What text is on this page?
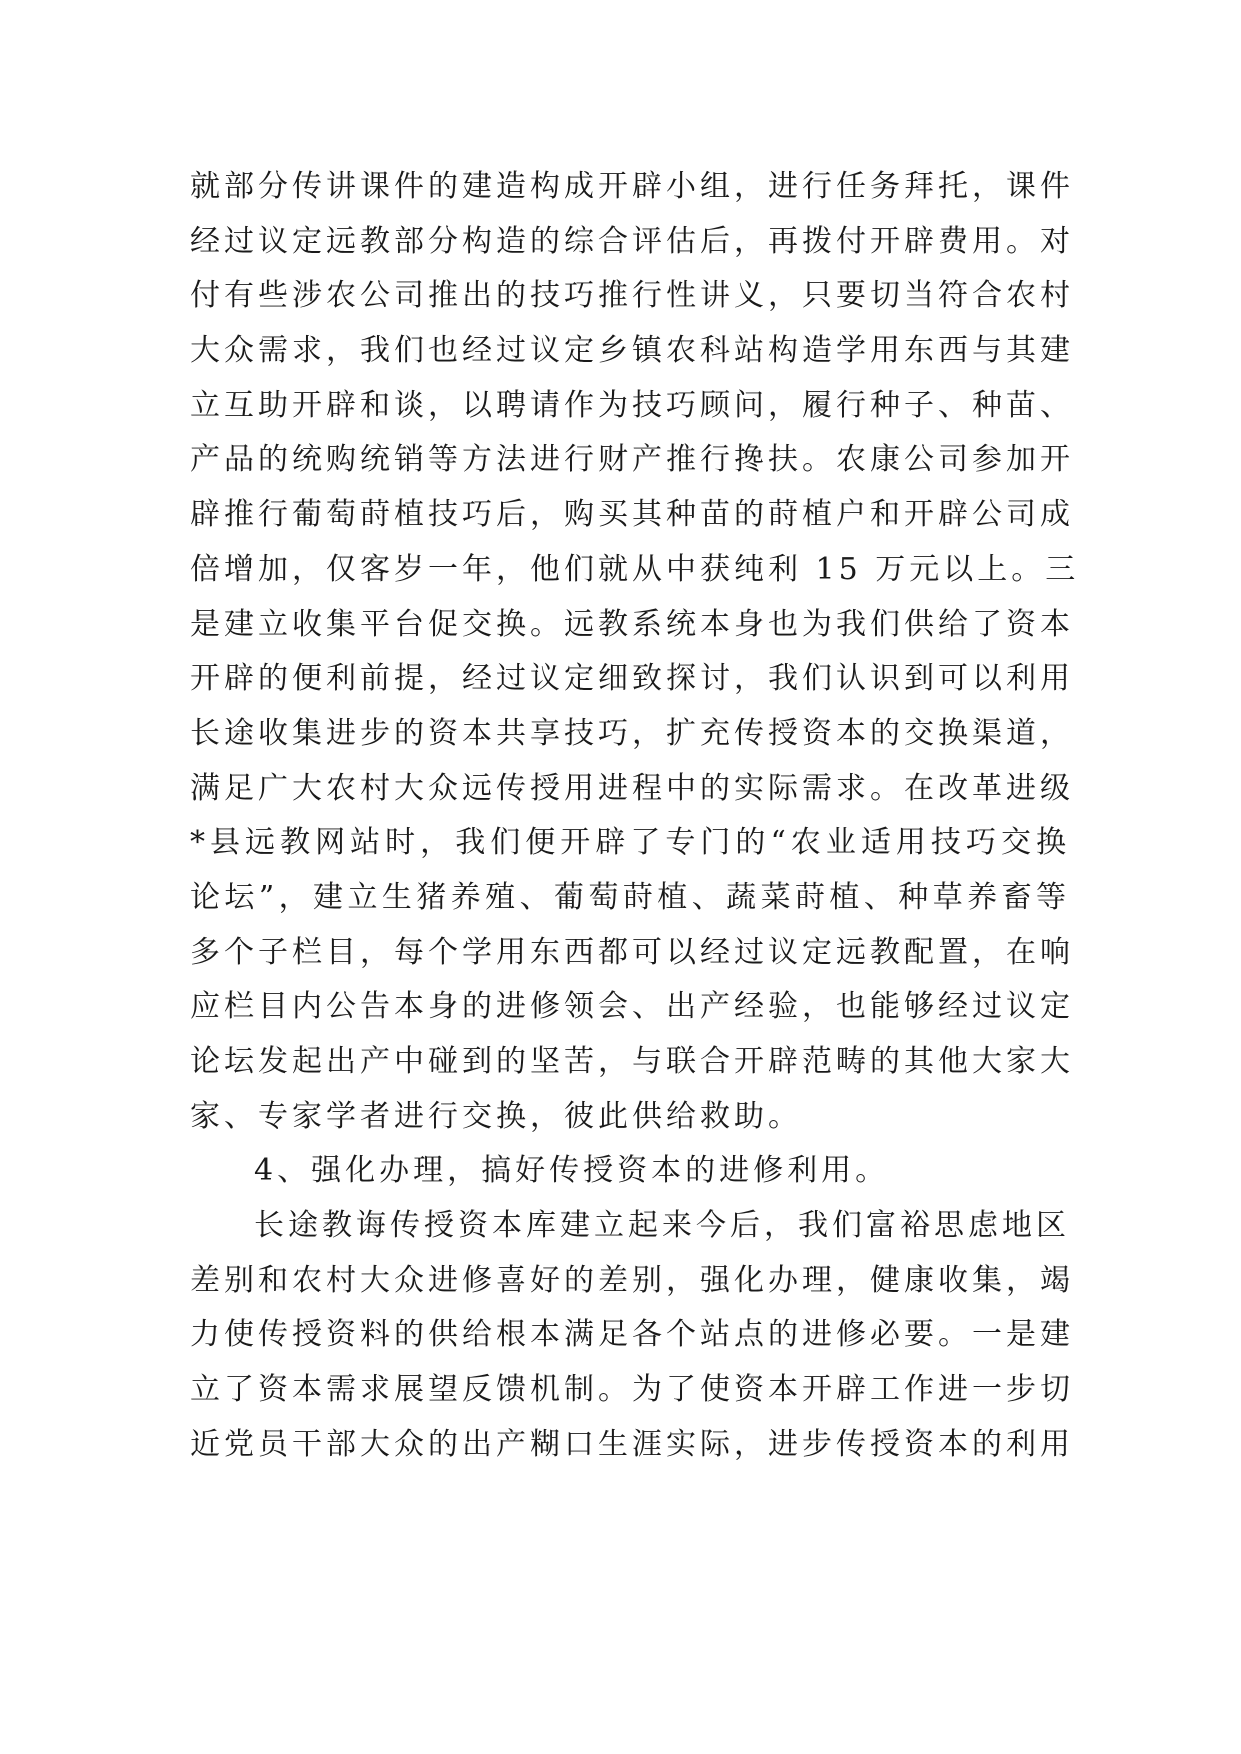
就部分传讲课件的建造构成开辟小组，进行任务拜托，课件
经过议定远教部分构造的综合评估后，再拨付开辟费用。对
付有些涉农公司推出的技巧推行性讲义，只要切当符合农村
大众需求，我们也经过议定乡镇农科站构造学用东西与其建
立互助开辟和谈，以聘请作为技巧顾问，履行种子、种苗、
产品的统购统销等方法进行财产推行搀扶。农康公司参加开
辟推行葡萄莳植技巧后，购买其种苗的莳植户和开辟公司成
倍增加，仅客岁一年，他们就从中获纯利 15 万元以上。三
是建立收集平台促交换。远教系统本身也为我们供给了资本
开辟的便利前提，经过议定细致探讨，我们认识到可以利用
长途收集进步的资本共享技巧，扩充传授资本的交换渠道，
满足广大农村大众远传授用进程中的实际需求。在改革进级
*县远教网站时，我们便开辟了专门的“农业适用技巧交换
论坛”，建立生猪养殖、葡萄莳植、蔬菜莳植、种草养畜等
多个子栏目，每个学用东西都可以经过议定远教配置，在响
应栏目内公告本身的进修领会、出产经验，也能够经过议定
论坛发起出产中碰到的坚苦，与联合开辟范畴的其他大家大
家、专家学者进行交换，彼此供给救助。
4、强化办理，搞好传授资本的进修利用。
长途教诲传授资本库建立起来今后，我们富裕思虑地区
差别和农村大众进修喜好的差别，强化办理，健康收集，竭
力使传授资料的供给根本满足各个站点的进修必要。一是建
立了资本需求展望反馈机制。为了使资本开辟工作进一步切
近党员干部大众的出产糊口生涯实际，进步传授资本的利用
